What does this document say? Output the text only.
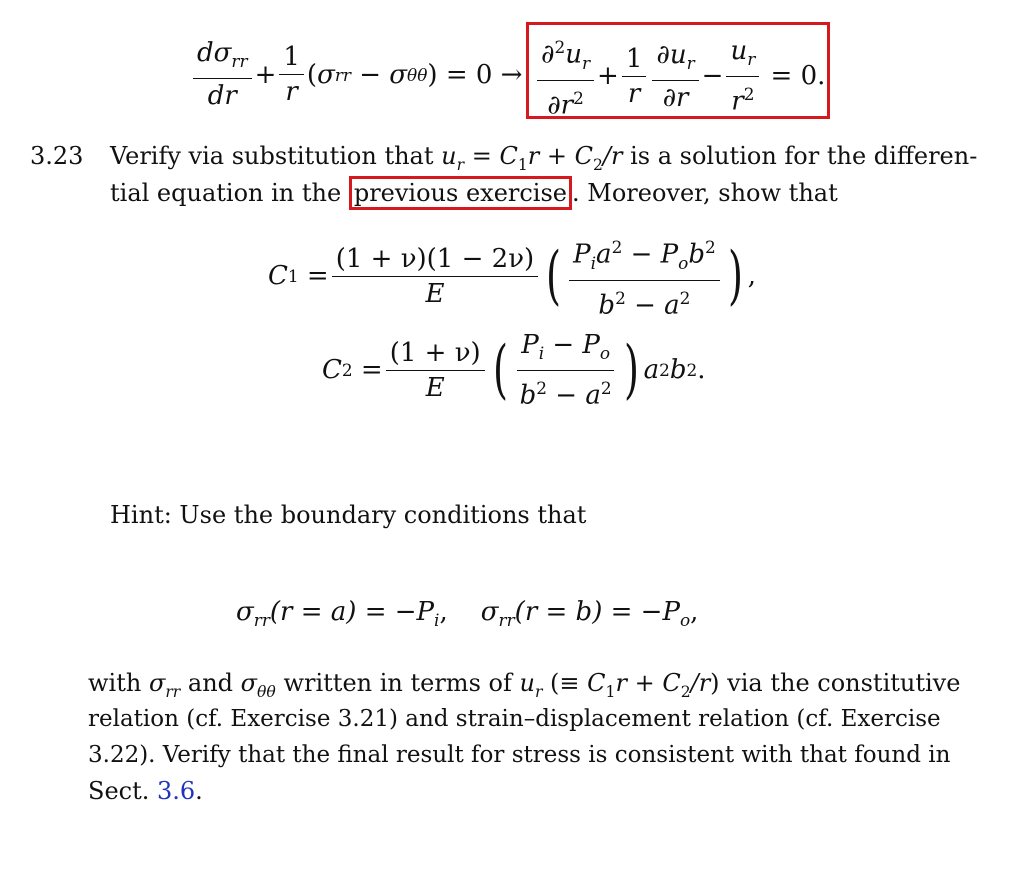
$\frac{d\sigma_{rr}}{dr} + \frac{1}{r}$ ( σ rr
−
σ θθ )
= 0
→ $\frac{\partial^2u_r}{\partial r^2} + \frac{1}{r} \frac{\partial u_r}{\partial r} - \frac{u_r}{r^2}$
= 0.
3.23 Verify via substitution that $u_r = C_1r + C_2/r$ is a solution for the differen-
tial equation in the previous exercise . Moreover, show that
C 1
= $\frac{(1 + \nu)(1 - 2\nu)}{E}$ ( $\frac{P_ia^2 - P_ob^2}{b^2 - a^2}$ ) ,
C 2
= $\frac{(1 + \nu)}{E}$ ( $\frac{P_i - P_o}{b^2 - a^2}$ ) a 2 b 2 .
Hint: Use the boundary conditions that
$\sigma_{rr}(r = a) = -P_i$, $\sigma_{rr}(r = b) = -P_o$,
with $\sigma_{rr}$ and $\sigma_{\theta\theta}$ written in terms of $u_r$ (≡ $C_1r + C_2/r$) via the constitutive
relation (cf. Exercise 3.21) and strain–displacement relation (cf. Exercise
3.22). Verify that the final result for stress is consistent with that found in
Sect. 3.6.
